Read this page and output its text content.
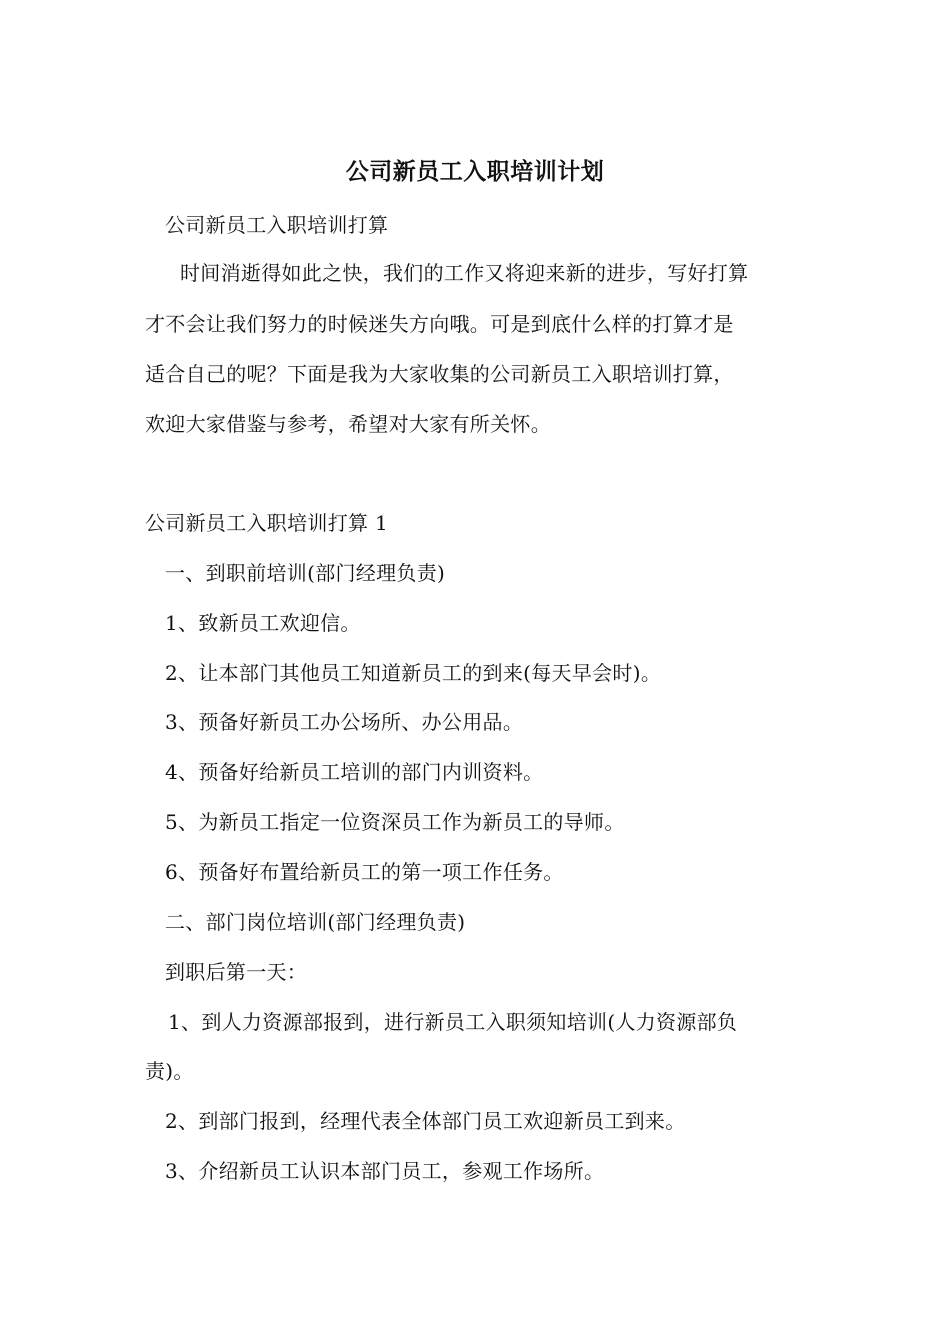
公司新员工入职培训计划
公司新员工入职培训打算
时间消逝得如此之快，我们的工作又将迎来新的进步，写好打算
才不会让我们努力的时候迷失方向哦。可是到底什么样的打算才是
适合自己的呢？下面是我为大家收集的公司新员工入职培训打算，
欢迎大家借鉴与参考，希望对大家有所关怀。
公司新员工入职培训打算 1
一、到职前培训(部门经理负责)
1、致新员工欢迎信。
2、让本部门其他员工知道新员工的到来(每天早会时)。
3、预备好新员工办公场所、办公用品。
4、预备好给新员工培训的部门内训资料。
5、为新员工指定一位资深员工作为新员工的导师。
6、预备好布置给新员工的第一项工作任务。
二、部门岗位培训(部门经理负责)
到职后第一天：
1、到人力资源部报到，进行新员工入职须知培训(人力资源部负
责)。
2、到部门报到，经理代表全体部门员工欢迎新员工到来。
3、介绍新员工认识本部门员工，参观工作场所。
